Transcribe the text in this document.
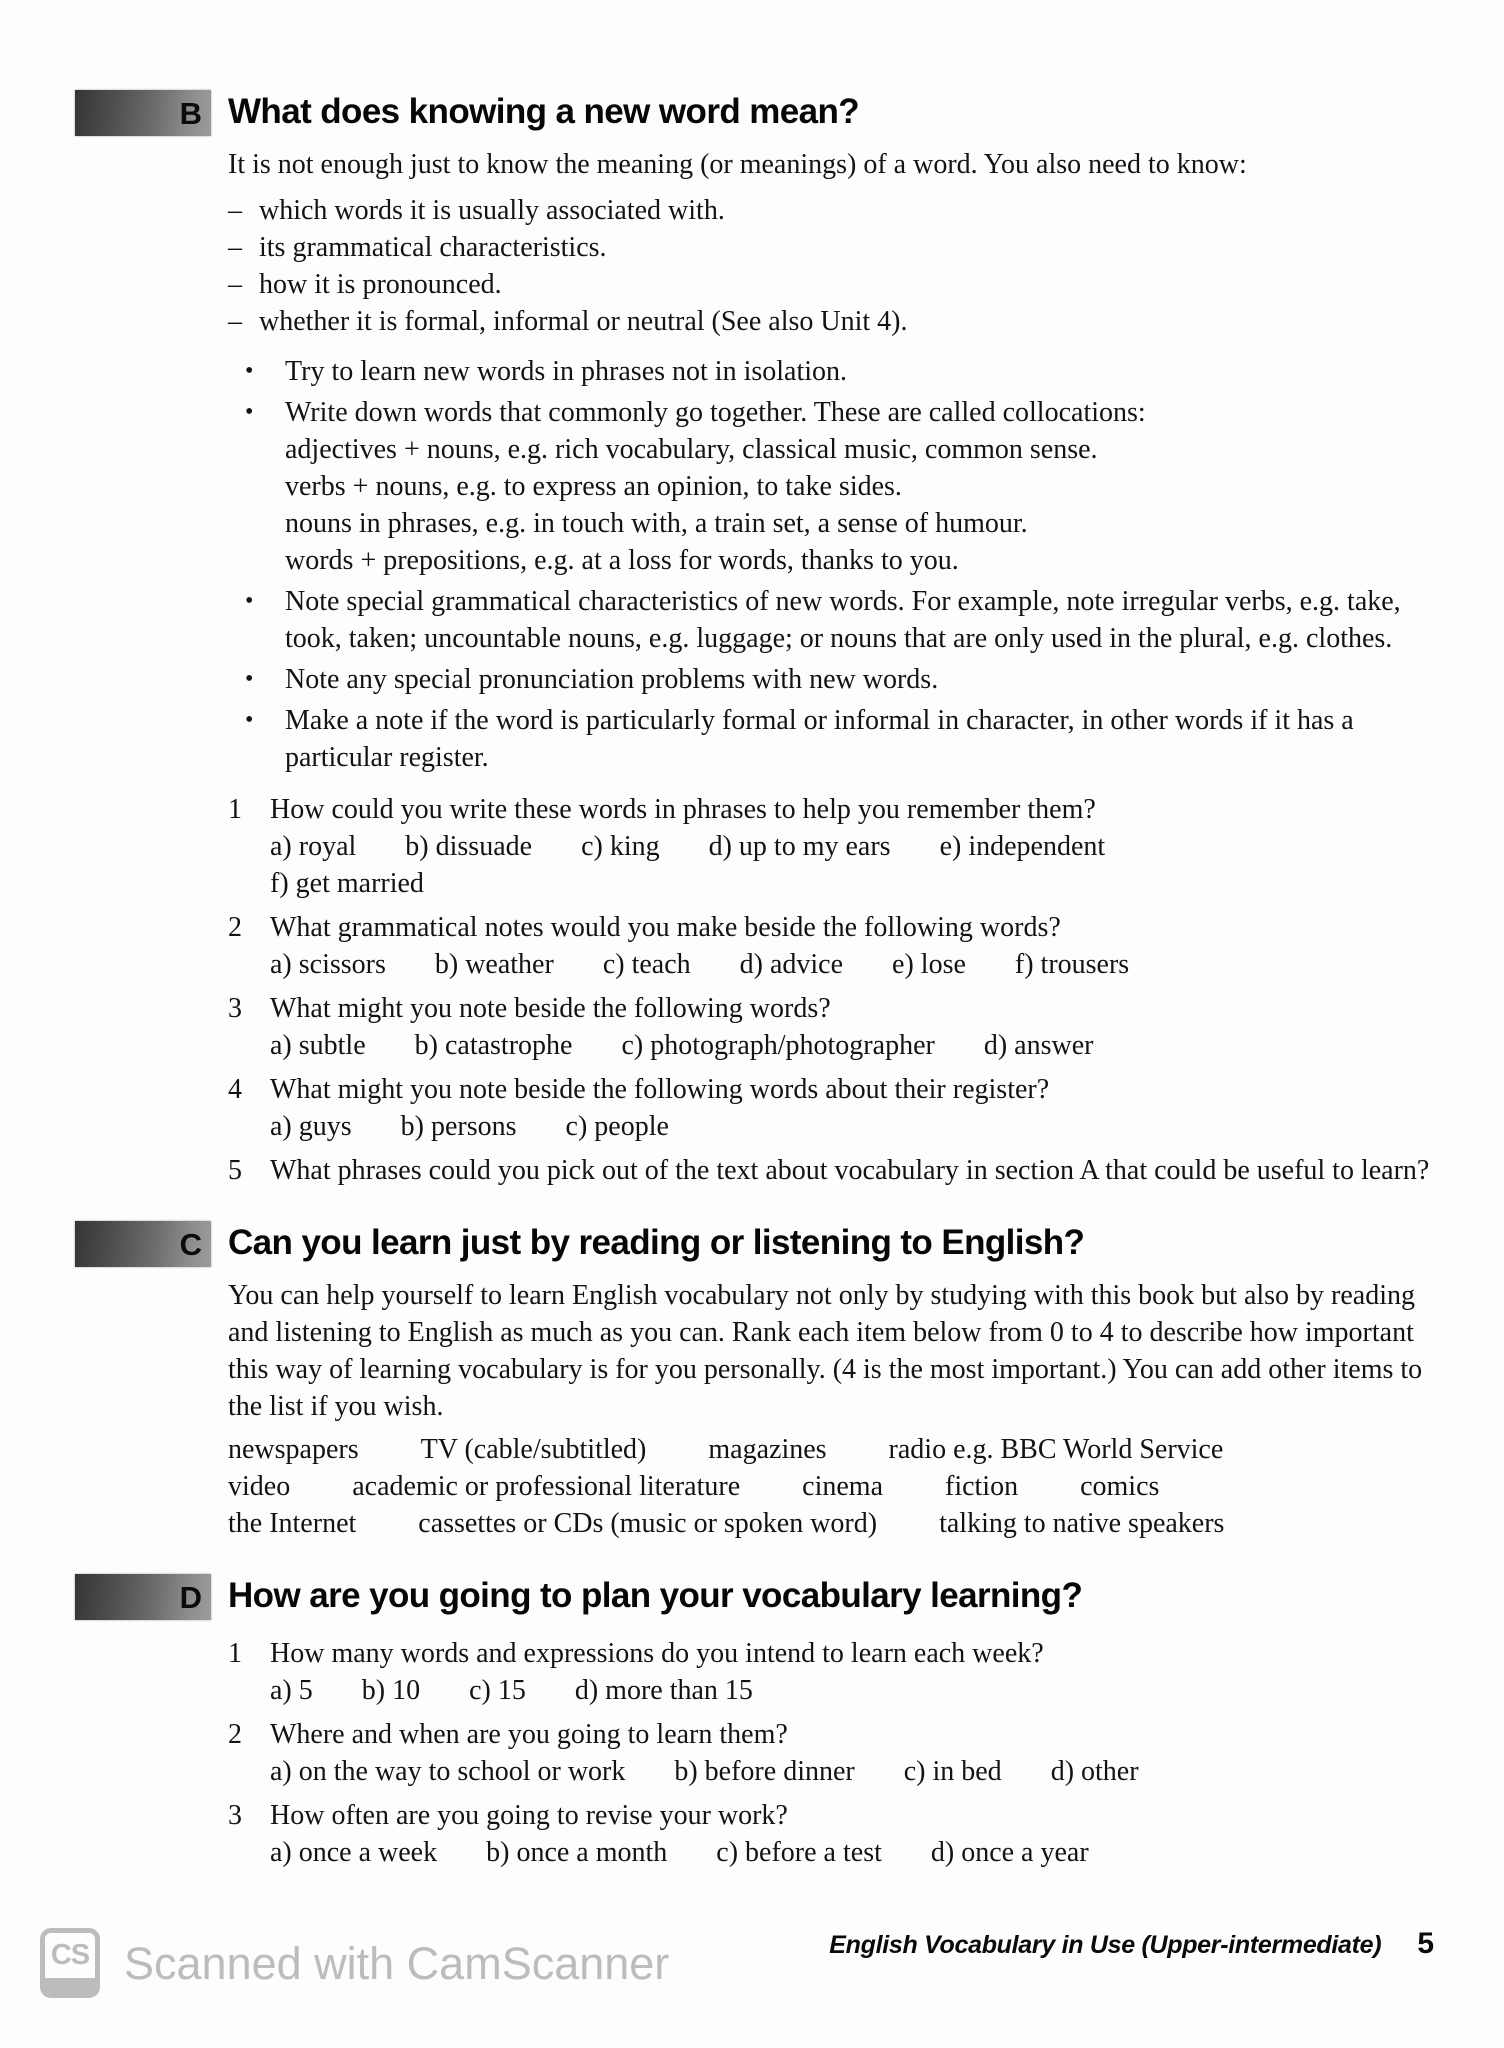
B What does knowing a new word mean?

It is not enough just to know the meaning (or meanings) of a word. You also need to know:

– which words it is usually associated with.
– its grammatical characteristics.
– how it is pronounced.
– whether it is formal, informal or neutral (See also Unit 4).
•	Try to learn new words in phrases not in isolation.
•	Write down words that commonly go together. These are called collocations:
adjectives + nouns, e.g. rich vocabulary, classical music, common sense.
verbs + nouns, e.g. to express an opinion, to take sides.
nouns in phrases, e.g. in touch with, a train set, a sense of humour.
words + prepositions, e.g. at a loss for words, thanks to you.
•	Note special grammatical characteristics of new words. For example, note irregular verbs, e.g. take, took, taken; uncountable nouns, e.g. luggage; or nouns that are only used in the plural, e.g. clothes.
•	Note any special pronunciation problems with new words.
•	Make a note if the word is particularly formal or informal in character, in other words if it has a particular register.
1	How could you write these words in phrases to help you remember them?
a) royal b) dissuade c) king d) up to my ears e) independent
f) get married
2	What grammatical notes would you make beside the following words?
a) scissors b) weather c) teach d) advice e) lose f) trousers
3	What might you note beside the following words?
a) subtle b) catastrophe c) photograph/photographer d) answer
4	What might you note beside the following words about their register?
a) guys b) persons c) people
5	What phrases could you pick out of the text about vocabulary in section A that could be useful to learn?
C Can you learn just by reading or listening to English?

You can help yourself to learn English vocabulary not only by studying with this book but also by reading and listening to English as much as you can. Rank each item below from 0 to 4 to describe how important this way of learning vocabulary is for you personally. (4 is the most important.) You can add other items to the list if you wish.

newspapers TV (cable/subtitled) magazines radio e.g. BBC World Service
video academic or professional literature cinema fiction comics
the Internet cassettes or CDs (music or spoken word) talking to native speakers
D How are you going to plan your vocabulary learning?
1	How many words and expressions do you intend to learn each week?
a) 5 b) 10 c) 15 d) more than 15
2	Where and when are you going to learn them?
a) on the way to school or work b) before dinner c) in bed d) other
3	How often are you going to revise your work?
a) once a week b) once a month c) before a test d) once a year
CS Scanned with CamScanner	English Vocabulary in Use (Upper-intermediate) 5
